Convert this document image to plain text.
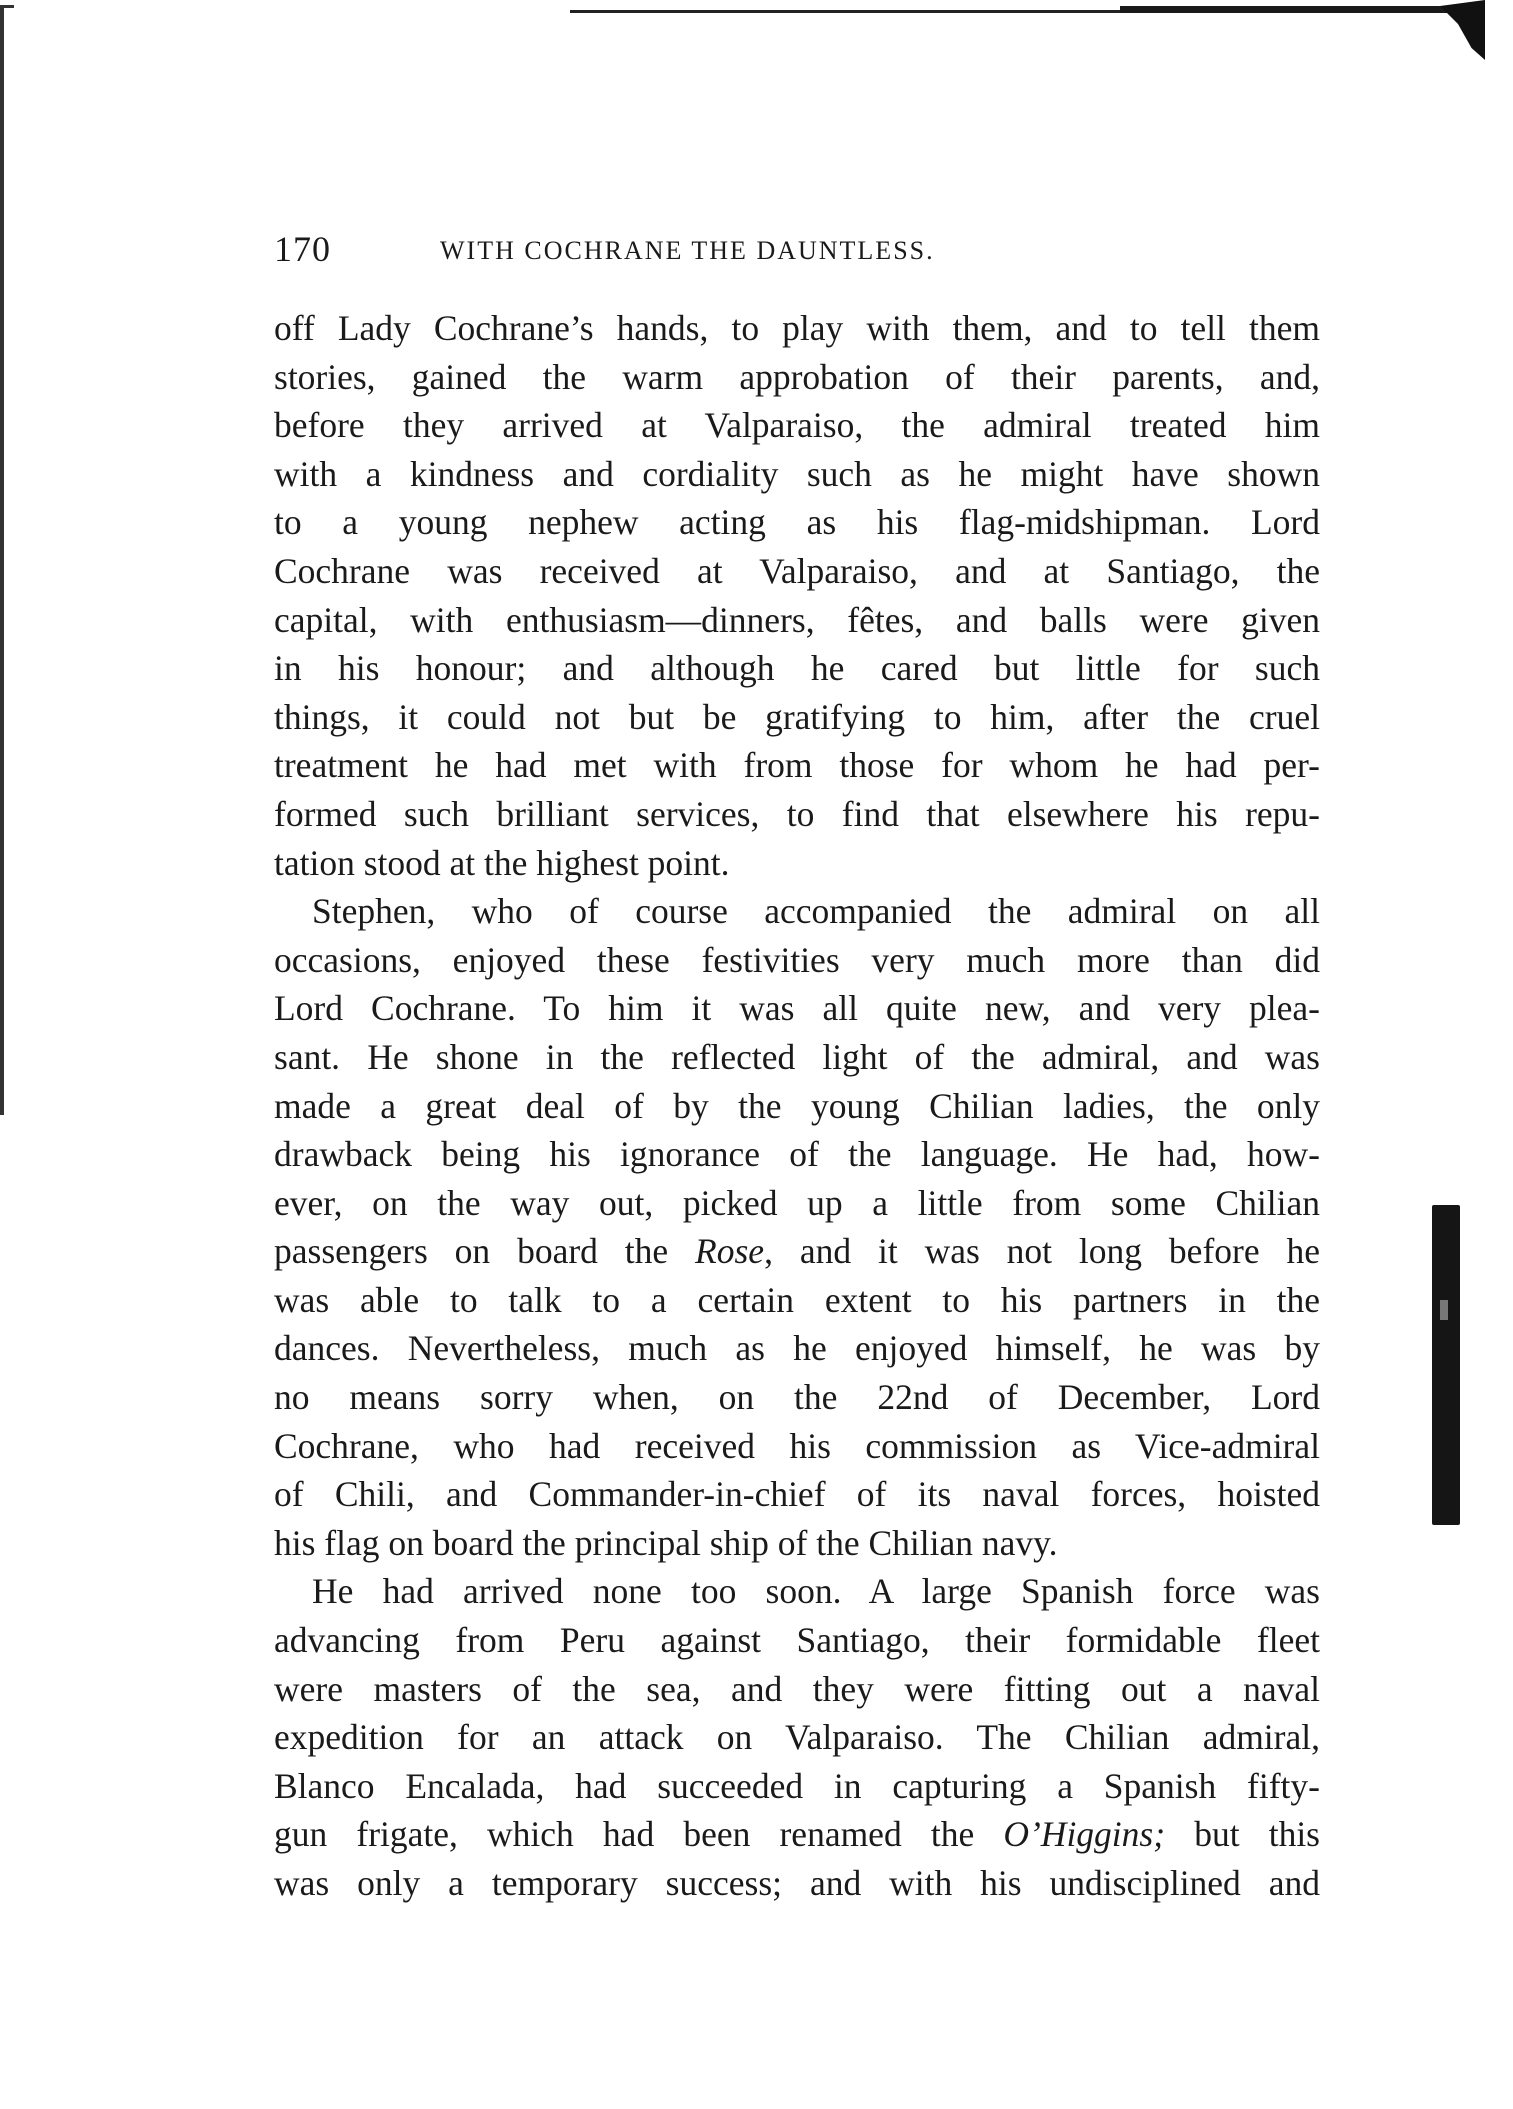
170	WITH COCHRANE THE DAUNTLESS.

off Lady Cochrane’s hands, to play with them, and to tell them

stories, gained the warm approbation of their parents, and,

before they arrived at Valparaiso, the admiral treated him

with a kindness and cordiality such as he might have shown

to a young nephew acting as his flag-midshipman. Lord

Cochrane was received at Valparaiso, and at Santiago, the

capital, with enthusiasm—dinners, fêtes, and balls were given

in his honour; and although he cared but little for such

things, it could not but be gratifying to him, after the cruel

treatment he had met with from those for whom he had per-

formed such brilliant services, to find that elsewhere his repu-

tation stood at the highest point.

Stephen, who of course accompanied the admiral on all

occasions, enjoyed these festivities very much more than did

Lord Cochrane. To him it was all quite new, and very plea-

sant. He shone in the reflected light of the admiral, and was

made a great deal of by the young Chilian ladies, the only

drawback being his ignorance of the language. He had, how-

ever, on the way out, picked up a little from some Chilian

passengers on board the Rose, and it was not long before he

was able to talk to a certain extent to his partners in the

dances. Nevertheless, much as he enjoyed himself, he was by

no means sorry when, on the 22nd of December, Lord

Cochrane, who had received his commission as Vice-admiral

of Chili, and Commander-in-chief of its naval forces, hoisted

his flag on board the principal ship of the Chilian navy.

He had arrived none too soon. A large Spanish force was

advancing from Peru against Santiago, their formidable fleet

were masters of the sea, and they were fitting out a naval

expedition for an attack on Valparaiso. The Chilian admiral,

Blanco Encalada, had succeeded in capturing a Spanish fifty-

gun frigate, which had been renamed the O’Higgins; but this

was only a temporary success; and with his undisciplined and
